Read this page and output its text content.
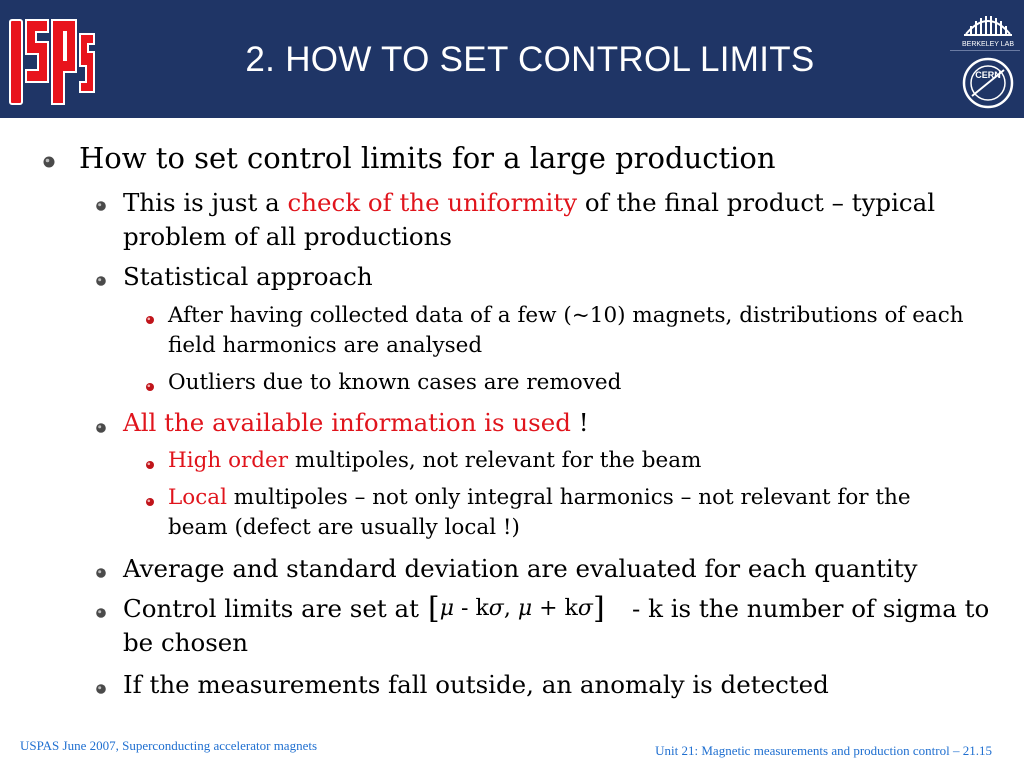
2. HOW TO SET CONTROL LIMITS	BERKELEY LAB
CERN
How to set control limits for a large production
This is just a check of the uniformity of the final product – typical
problem of all productions
Statistical approach
After having collected data of a few (~10) magnets, distributions of each
field harmonics are analysed
Outliers due to known cases are removed
All the available information is used !
High order multipoles, not relevant for the beam
Local multipoles – not only integral harmonics – not relevant for the
beam (defect are usually local !)
Average and standard deviation are evaluated for each quantity
Control limits are set at [μ - kσ, μ + kσ] - k is the number of sigma to
be chosen
If the measurements fall outside, an anomaly is detected
USPAS June 2007, Superconducting accelerator magnets	Unit 21: Magnetic measurements and production control – 21.15
